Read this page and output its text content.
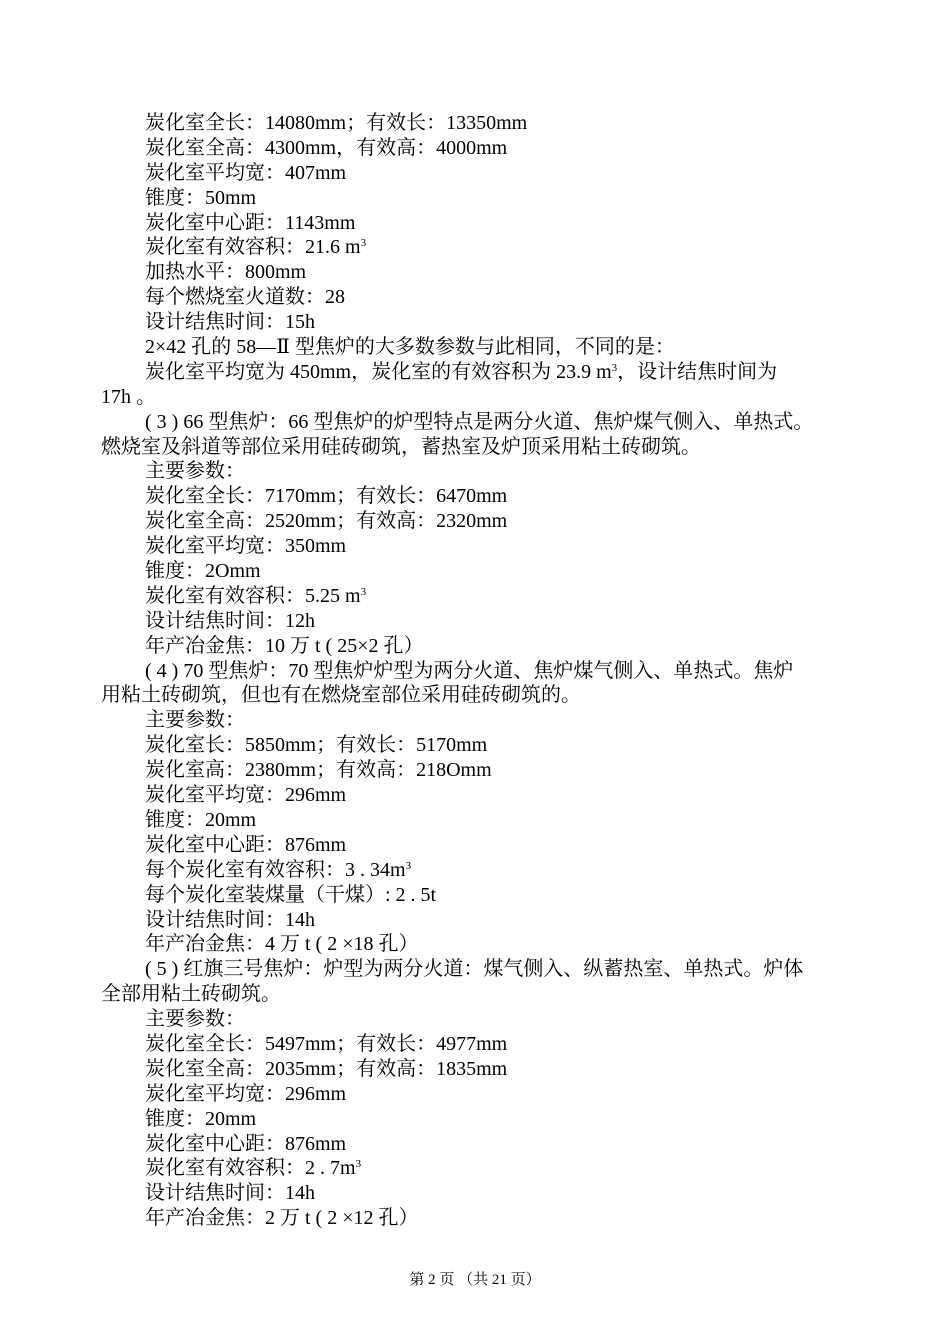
炭化室全长：14080mm；有效长：13350mm
炭化室全高：4300mm，有效高：4000mm
炭化室平均宽：407mm
锥度：50mm
炭化室中心距：1143mm
炭化室有效容积：21.6 $m^3$
加热水平：800mm
每个燃烧室火道数：28
设计结焦时间：15h
2×42 孔的 58—Ⅱ 型焦炉的大多数参数与此相同，不同的是：
炭化室平均宽为 450mm，炭化室的有效容积为 23.9 $m^3$，设计结焦时间为
17h 。
( 3 ) 66 型焦炉：66 型焦炉的炉型特点是两分火道、焦炉煤气侧入、单热式。
燃烧室及斜道等部位采用硅砖砌筑，蓄热室及炉顶采用粘土砖砌筑。
主要参数：
炭化室全长：7170mm；有效长：6470mm
炭化室全高：2520mm；有效高：2320mm
炭化室平均宽：350mm
锥度：2Omm
炭化室有效容积：5.25 $m^3$
设计结焦时间：12h
年产冶金焦：10 万 t ( 25×2 孔）
( 4 ) 70 型焦炉：70 型焦炉炉型为两分火道、焦炉煤气侧入、单热式。焦炉
用粘土砖砌筑，但也有在燃烧室部位采用硅砖砌筑的。
主要参数：
炭化室长：5850mm；有效长：5170mm
炭化室高：2380mm；有效高：218Omm
炭化室平均宽：296mm
锥度：20mm
炭化室中心距：876mm
每个炭化室有效容积：3 . $34m^3$
每个炭化室装煤量（干煤）: 2 . 5t
设计结焦时间：14h
年产冶金焦：4 万 t ( 2 ×18 孔）
( 5 ) 红旗三号焦炉：炉型为两分火道：煤气侧入、纵蓄热室、单热式。炉体
全部用粘土砖砌筑。
主要参数：
炭化室全长：5497mm；有效长：4977mm
炭化室全高：2035mm；有效高：1835mm
炭化室平均宽：296mm
锥度：20mm
炭化室中心距：876mm
炭化室有效容积：2 . $7m^3$
设计结焦时间：14h
年产冶金焦：2 万 t ( 2 ×12 孔）
第 2 页 （共 21 页）
